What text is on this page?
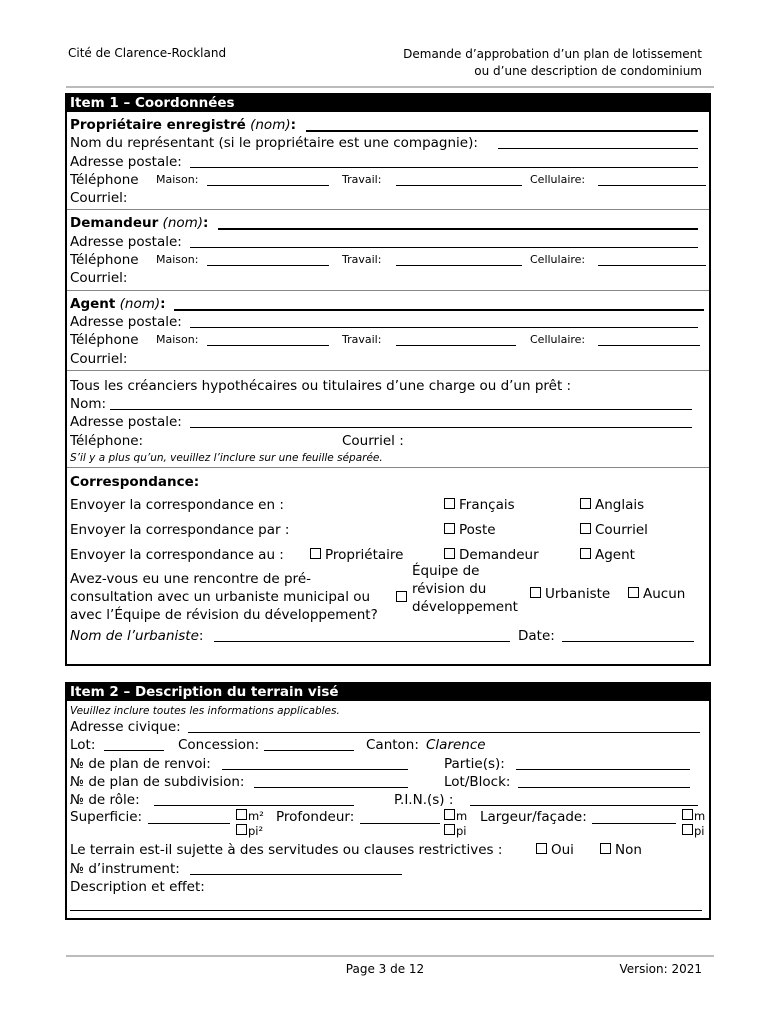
Cité de Clarence-Rockland	Demande d’approbation d’un plan de lotissement
ou d’une description de condominium
Item 1 – Coordonnées
Propriétaire enregistré (nom):
Nom du représentant (si le propriétaire est une compagnie):
Adresse postale:
Téléphone Maison:	Travail:	Cellulaire:
Courriel:
Demandeur (nom):
Adresse postale:
Téléphone Maison:	Travail:	Cellulaire:
Courriel:
Agent (nom):
Adresse postale:
Téléphone Maison:	Travail:	Cellulaire:
Courriel:
Tous les créanciers hypothécaires ou titulaires d’une charge ou d’un prêt :
Nom:
Adresse postale:
Téléphone:	Courriel :
S’il y a plus qu’un, veuillez l’inclure sur une feuille séparée.
Correspondance:
Envoyer la correspondance en :	Français	Anglais
Envoyer la correspondance par :	Poste	Courriel
Envoyer la correspondance au :	Propriétaire	Demandeur	Agent
Avez-vous eu une rencontre de pré-
consultation avec un urbaniste municipal ou
avec l’Équipe de révision du développement?
Équipe de
révision du
développement
Urbaniste	Aucun
Nom de l’urbaniste:	Date:
Item 2 – Description du terrain visé
Veuillez inclure toutes les informations applicables.
Adresse civique:
Lot:	Concession:	Canton: Clarence
№ de plan de renvoi:	Partie(s):
№ de plan de subdivision:	Lot/Block:
№ de rôle:	P.I.N.(s) :
Superficie:	m²
pi²
Profondeur:	m
pi
Largeur/façade:	m
pi
Le terrain est-il sujette à des servitudes ou clauses restrictives :	Oui	Non
№ d’instrument:
Description et effet:
Page 3 de 12	Version: 2021
